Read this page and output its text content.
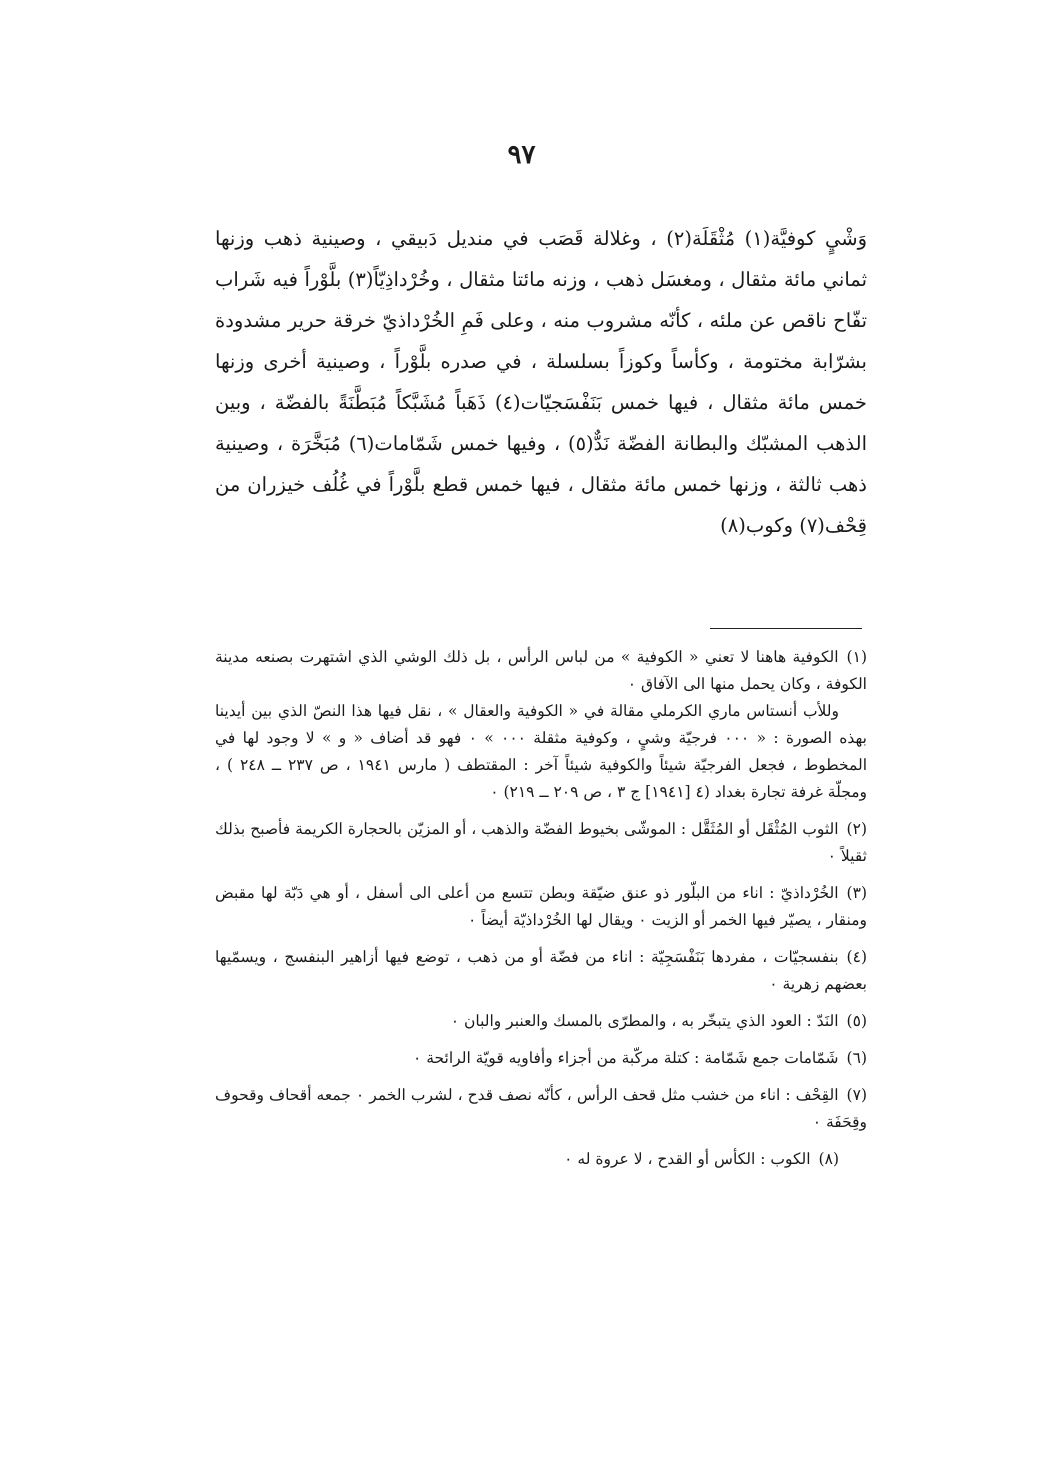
٩٧

وَشْيٍ كوفيَّة(١) مُثْقَلَة(٢) ، وغلالة قَصَب في منديل دَبيقي ، وصينية ذهب وزنها ثماني مائة مثقال ، ومغسَل ذهب ، وزنه مائتا مثقال ، وخُرْداذِيّاً(٣) بلَّوْراً فيه شَراب تفّاح ناقص عن ملئه ، كأنّه مشروب منه ، وعلى فَمِ الخُرْداذيّ خرقة حرير مشدودة بشرّابة مختومة ، وكأساً وكوزاً بسلسلة ، في صدره بلَّوْراً ، وصينية أخرى وزنها خمس مائة مثقال ، فيها خمس بَنَفْسَجيّات(٤) ذَهَباً مُشَبَّكاً مُبَطَّنَةً بالفضّة ، وبين الذهب المشبّك والبطانة الفضّة نَدٌّ(٥) ، وفيها خمس شَمّامات(٦) مُبَخَّرَة ، وصينية ذهب ثالثة ، وزنها خمس مائة مثقال ، فيها خمس قطع بلَّوْراً في غُلُف خيزران من قِحْف(٧) وكوب(٨)

(١)الكوفية هاهنا لا تعني « الكوفية » من لباس الرأس ، بل ذلك الوشي الذي اشتهرت بصنعه مدينة الكوفة ، وكان يحمل منها الى الآفاق ٠

وللأب أنستاس ماري الكرملي مقالة في « الكوفية والعقال » ، نقل فيها هذا النصّ الذي بين أيدينا بهذه الصورة : « ٠٠٠ فرجيّة وشيٍ ، وكوفية مثقلة ٠٠٠ » ٠ فهو قد أضاف « و » لا وجود لها في المخطوط ، فجعل الفرجيّة شيئاً والكوفية شيئاً آخر : المقتطف ( مارس ١٩٤١ ، ص ٢٣٧ ــ ٢٤٨ ) ، ومجلّة غرفة تجارة بغداد (٤ [١٩٤١] ج ٣ ، ص ٢٠٩ ــ ٢١٩) ٠

(٢)الثوب المُثْقَل أو المُثَقَّل : الموشّى بخيوط الفضّة والذهب ، أو المزيّن بالحجارة الكريمة فأصبح بذلك ثقيلاً ٠

(٣)الخُرْداذيّ : اناء من البلّور ذو عنق ضيّقة وبطن تتسع من أعلى الى أسفل ، أو هي دَبّة لها مقبض ومنقار ، يصيّر فيها الخمر أو الزيت ٠ ويقال لها الخُرْداذيّة أيضاً ٠

(٤)بنفسجيّات ، مفردها بَنَفْسَجِيّة : اناء من فضّة أو من ذهب ، توضع فيها أزاهير البنفسج ، ويسمّيها بعضهم زهرية ٠

(٥)النَدّ : العود الذي يتبخّر به ، والمطرّى بالمسك والعنبر والبان ٠

(٦)شَمّامات جمع شَمّامة : كتلة مركّبة من أجزاء وأفاويه قويّة الرائحة ٠

(٧)القِحْف : اناء من خشب مثل قحف الرأس ، كأنّه نصف قدح ، لشرب الخمر ٠ جمعه أقحاف وقحوف وقِحَفَة ٠

(٨)الكوب : الكأس أو القدح ، لا عروة له ٠
